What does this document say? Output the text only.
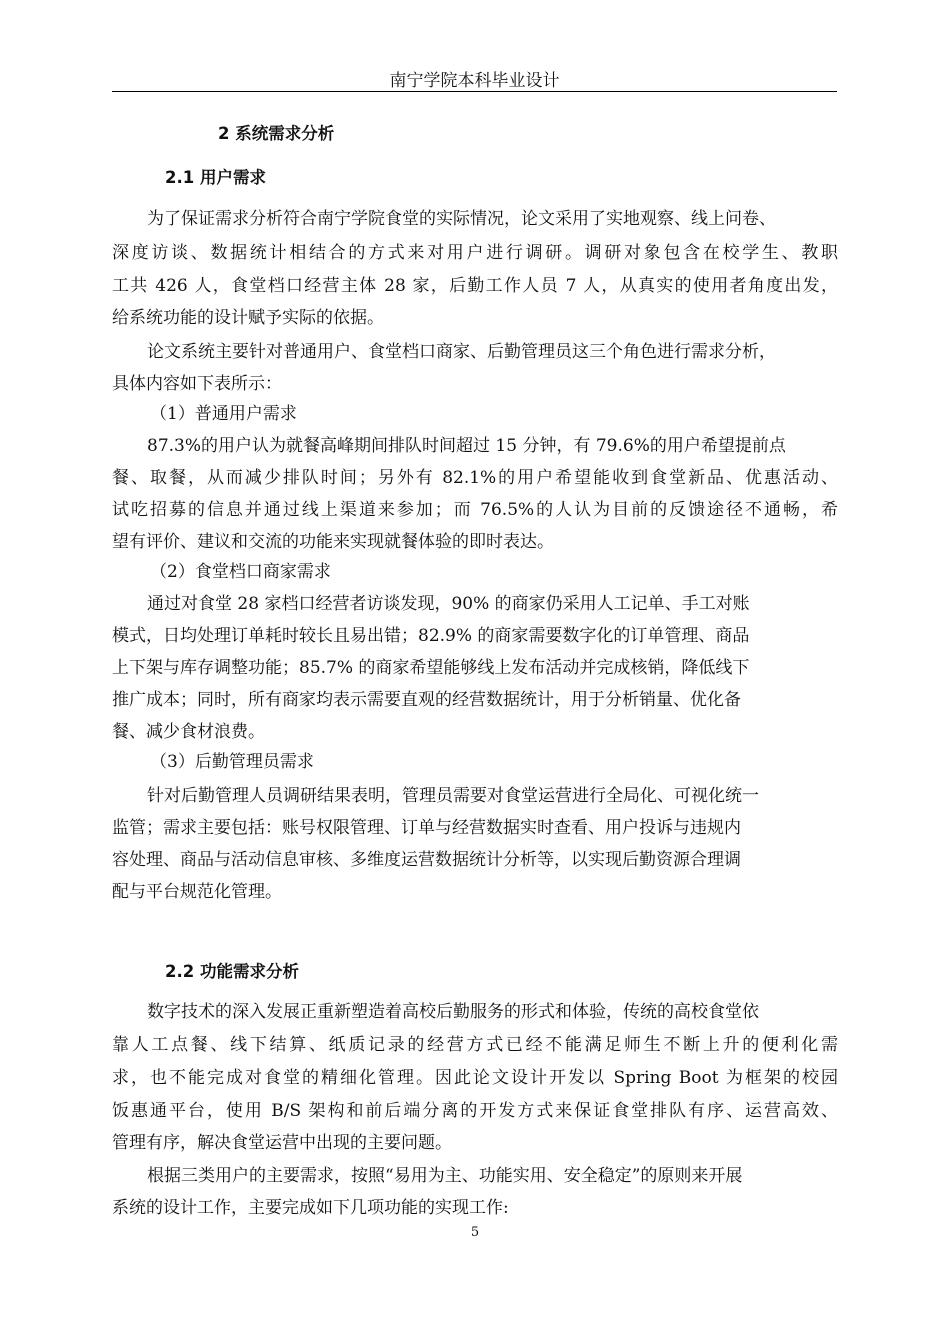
南宁学院本科毕业设计
2 系统需求分析
2.1 用户需求
为了保证需求分析符合南宁学院食堂的实际情况，论文采用了实地观察、线上问卷、
深度访谈、数据统计相结合的方式来对用户进行调研。调研对象包含在校学生、教职
工共 426 人，食堂档口经营主体 28 家，后勤工作人员 7 人，从真实的使用者角度出发，
给系统功能的设计赋予实际的依据。
论文系统主要针对普通用户、食堂档口商家、后勤管理员这三个角色进行需求分析，
具体内容如下表所示：
（1）普通用户需求
87.3%的用户认为就餐高峰期间排队时间超过 15 分钟，有 79.6%的用户希望提前点
餐、取餐，从而减少排队时间；另外有 82.1%的用户希望能收到食堂新品、优惠活动、
试吃招募的信息并通过线上渠道来参加；而 76.5%的人认为目前的反馈途径不通畅，希
望有评价、建议和交流的功能来实现就餐体验的即时表达。
（2）食堂档口商家需求
通过对食堂 28 家档口经营者访谈发现，90% 的商家仍采用人工记单、手工对账
模式，日均处理订单耗时较长且易出错；82.9% 的商家需要数字化的订单管理、商品
上下架与库存调整功能；85.7% 的商家希望能够线上发布活动并完成核销，降低线下
推广成本；同时，所有商家均表示需要直观的经营数据统计，用于分析销量、优化备
餐、减少食材浪费。
（3）后勤管理员需求
针对后勤管理人员调研结果表明，管理员需要对食堂运营进行全局化、可视化统一
监管；需求主要包括：账号权限管理、订单与经营数据实时查看、用户投诉与违规内
容处理、商品与活动信息审核、多维度运营数据统计分析等，以实现后勤资源合理调
配与平台规范化管理。
2.2 功能需求分析
数字技术的深入发展正重新塑造着高校后勤服务的形式和体验，传统的高校食堂依
靠人工点餐、线下结算、纸质记录的经营方式已经不能满足师生不断上升的便利化需
求，也不能完成对食堂的精细化管理。因此论文设计开发以 Spring Boot 为框架的校园
饭惠通平台，使用 B/S 架构和前后端分离的开发方式来保证食堂排队有序、运营高效、
管理有序，解决食堂运营中出现的主要问题。
根据三类用户的主要需求，按照“易用为主、功能实用、安全稳定”的原则来开展
系统的设计工作，主要完成如下几项功能的实现工作:
5
